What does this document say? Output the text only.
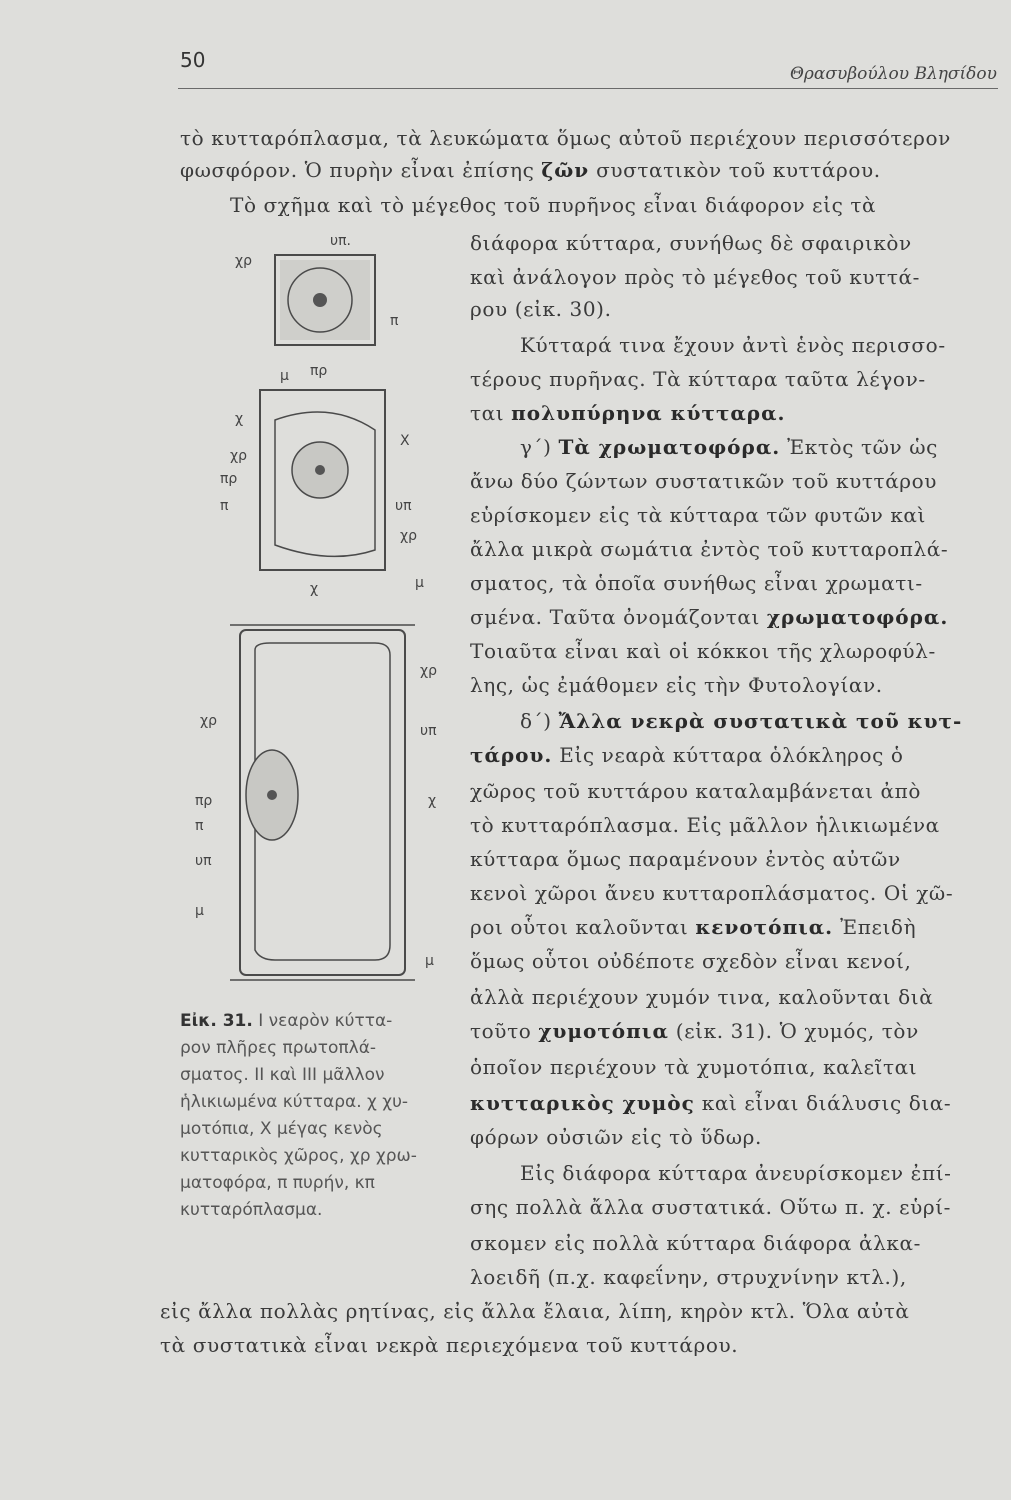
50
Θρασυβούλου Βλησίδου
τὸ κυτταρόπλασμα, τὰ λευκώματα ὅμως αὐτοῦ περιέχουν περισσότερον
φωσφόρον. Ὁ πυρὴν εἶναι ἐπίσης ζῶν συστατικὸν τοῦ κυττάρου.
Τὸ σχῆμα καὶ τὸ μέγεθος τοῦ πυρῆνος εἶναι διάφορον εἰς τὰ
διάφορα κύτταρα, συνήθως δὲ σφαιρικὸν
καὶ ἀνάλογον πρὸς τὸ μέγεθος τοῦ κυττά-
ρου (εἰκ. 30).
Κύτταρά τινα ἔχουν ἀντὶ ἑνὸς περισσο-
τέρους πυρῆνας. Τὰ κύτταρα ταῦτα λέγον-
ται πολυπύρηνα κύτταρα.
γ΄) Τὰ χρωματοφόρα. Ἐκτὸς τῶν ὡς
ἄνω δύο ζώντων συστατικῶν τοῦ κυττάρου
εὑρίσκομεν εἰς τὰ κύτταρα τῶν φυτῶν καὶ
ἄλλα μικρὰ σωμάτια ἐντὸς τοῦ κυτταροπλά-
σματος, τὰ ὁποῖα συνήθως εἶναι χρωματι-
σμένα. Ταῦτα ὀνομάζονται χρωματοφόρα.
Τοιαῦτα εἶναι καὶ οἱ κόκκοι τῆς χλωροφύλ-
λης, ὡς ἐμάθομεν εἰς τὴν Φυτολογίαν.
δ΄) Ἄλλα νεκρὰ συστατικὰ τοῦ κυτ-
τάρου. Εἰς νεαρὰ κύτταρα ὁλόκληρος ὁ
χῶρος τοῦ κυττάρου καταλαμβάνεται ἀπὸ
τὸ κυτταρόπλασμα. Εἰς μᾶλλον ἡλικιωμένα
κύτταρα ὅμως παραμένουν ἐντὸς αὐτῶν
κενοὶ χῶροι ἄνευ κυτταροπλάσματος. Οἱ χῶ-
ροι οὗτοι καλοῦνται κενοτόπια. Ἐπειδὴ
ὅμως οὗτοι οὐδέποτε σχεδὸν εἶναι κενοί,
ἀλλὰ περιέχουν χυμόν τινα, καλοῦνται διὰ
τοῦτο χυμοτόπια (εἰκ. 31). Ὁ χυμός, τὸν
ὁποῖον περιέχουν τὰ χυμοτόπια, καλεῖται
κυτταρικὸς χυμὸς καὶ εἶναι διάλυσις δια-
φόρων οὐσιῶν εἰς τὸ ὕδωρ.
Εἰς διάφορα κύτταρα ἀνευρίσκομεν ἐπί-
σης πολλὰ ἄλλα συστατικά. Οὕτω π. χ. εὑρί-
σκομεν εἰς πολλὰ κύτταρα διάφορα ἀλκα-
λοειδῆ (π.χ. καφεΐνην, στρυχνίνην κτλ.),
εἰς ἄλλα πολλὰς ρητίνας, εἰς ἄλλα ἔλαια, λίπη, κηρὸν κτλ. Ὅλα αὐτὰ
τὰ συστατικὰ εἶναι νεκρὰ περιεχόμενα τοῦ κυττάρου.
υπ.
χρ
π
μ πρ
χ
Χ
χρ
πρ
π	υπ
χρ
χ	μ
χρ
χρ
υπ
πρ	χ
π
υπ
μ
μ
Εἰκ. 31. Ι νεαρὸν κύττα-
ρον πλῆρες πρωτοπλά-
σματος. ΙΙ καὶ ΙΙΙ μᾶλλον
ἡλικιωμένα κύτταρα. χ χυ-
μοτόπια, Χ μέγας κενὸς
κυτταρικὸς χῶρος, χρ χρω-
ματοφόρα, π πυρήν, κπ
κυτταρόπλασμα.
